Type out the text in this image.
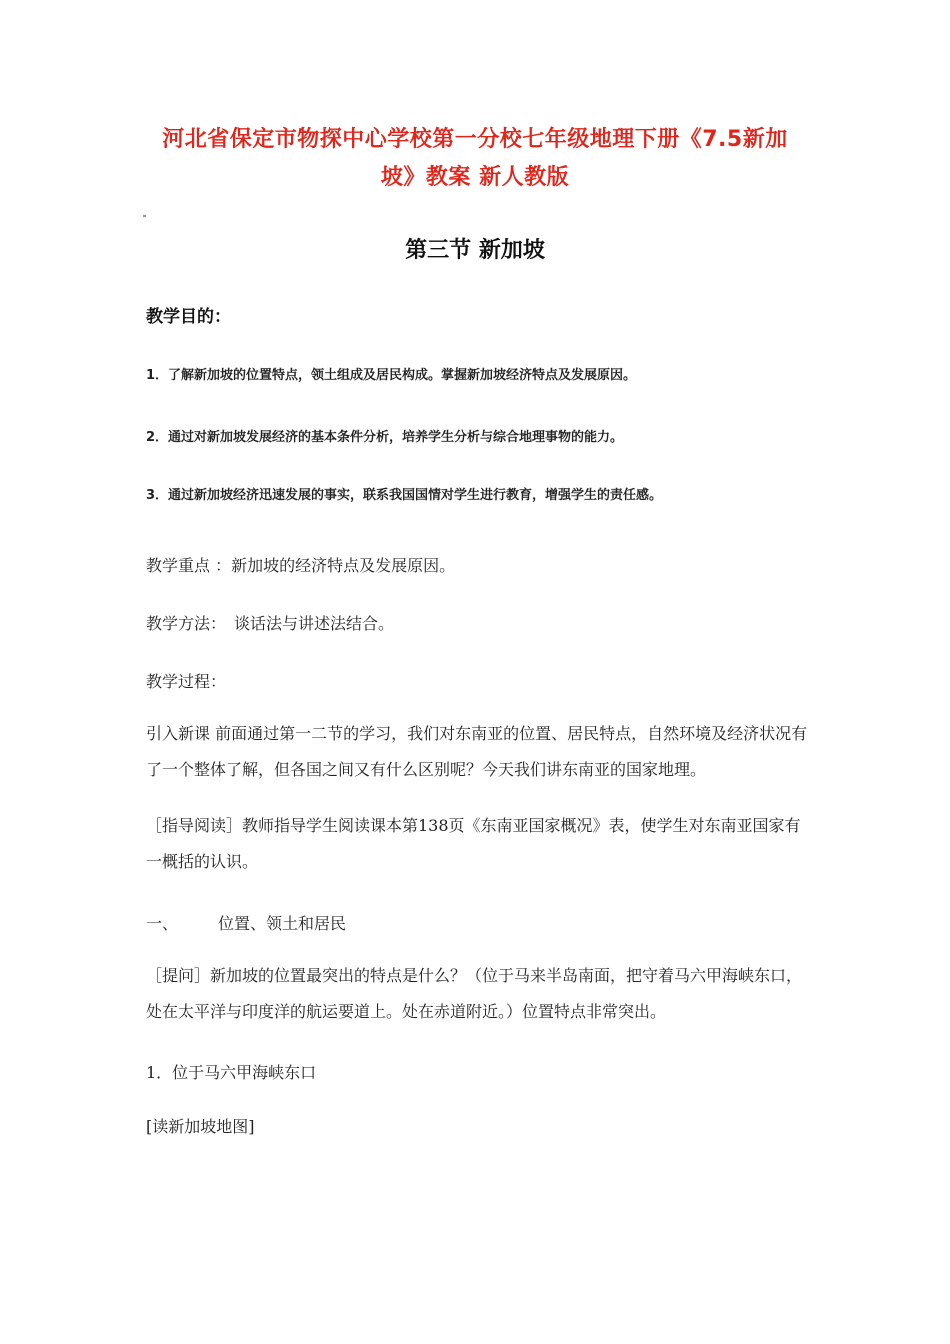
河北省保定市物探中心学校第一分校七年级地理下册《7.5新加
坡》教案 新人教版
第三节 新加坡
教学目的：
1．了解新加坡的位置特点，领土组成及居民构成。掌握新加坡经济特点及发展原因。
2．通过对新加坡发展经济的基本条件分析，培养学生分析与综合地理事物的能力。
3．通过新加坡经济迅速发展的事实，联系我国国情对学生进行教育，增强学生的责任感。
教学重点 ：新加坡的经济特点及发展原因。
教学方法：　谈话法与讲述法结合。
教学过程：
引入新课 前面通过第一二节的学习，我们对东南亚的位置、居民特点，自然环境及经济状况有了一个整体了解，但各国之间又有什么区别呢？今天我们讲东南亚的国家地理。
［指导阅读］教师指导学生阅读课本第138页《东南亚国家概况》表，使学生对东南亚国家有一概括的认识。
一、　　　位置、领土和居民
［提问］新加坡的位置最突出的特点是什么？（位于马来半岛南面，把守着马六甲海峡东口，处在太平洋与印度洋的航运要道上。处在赤道附近。）位置特点非常突出。
1．位于马六甲海峡东口
[读新加坡地图]
